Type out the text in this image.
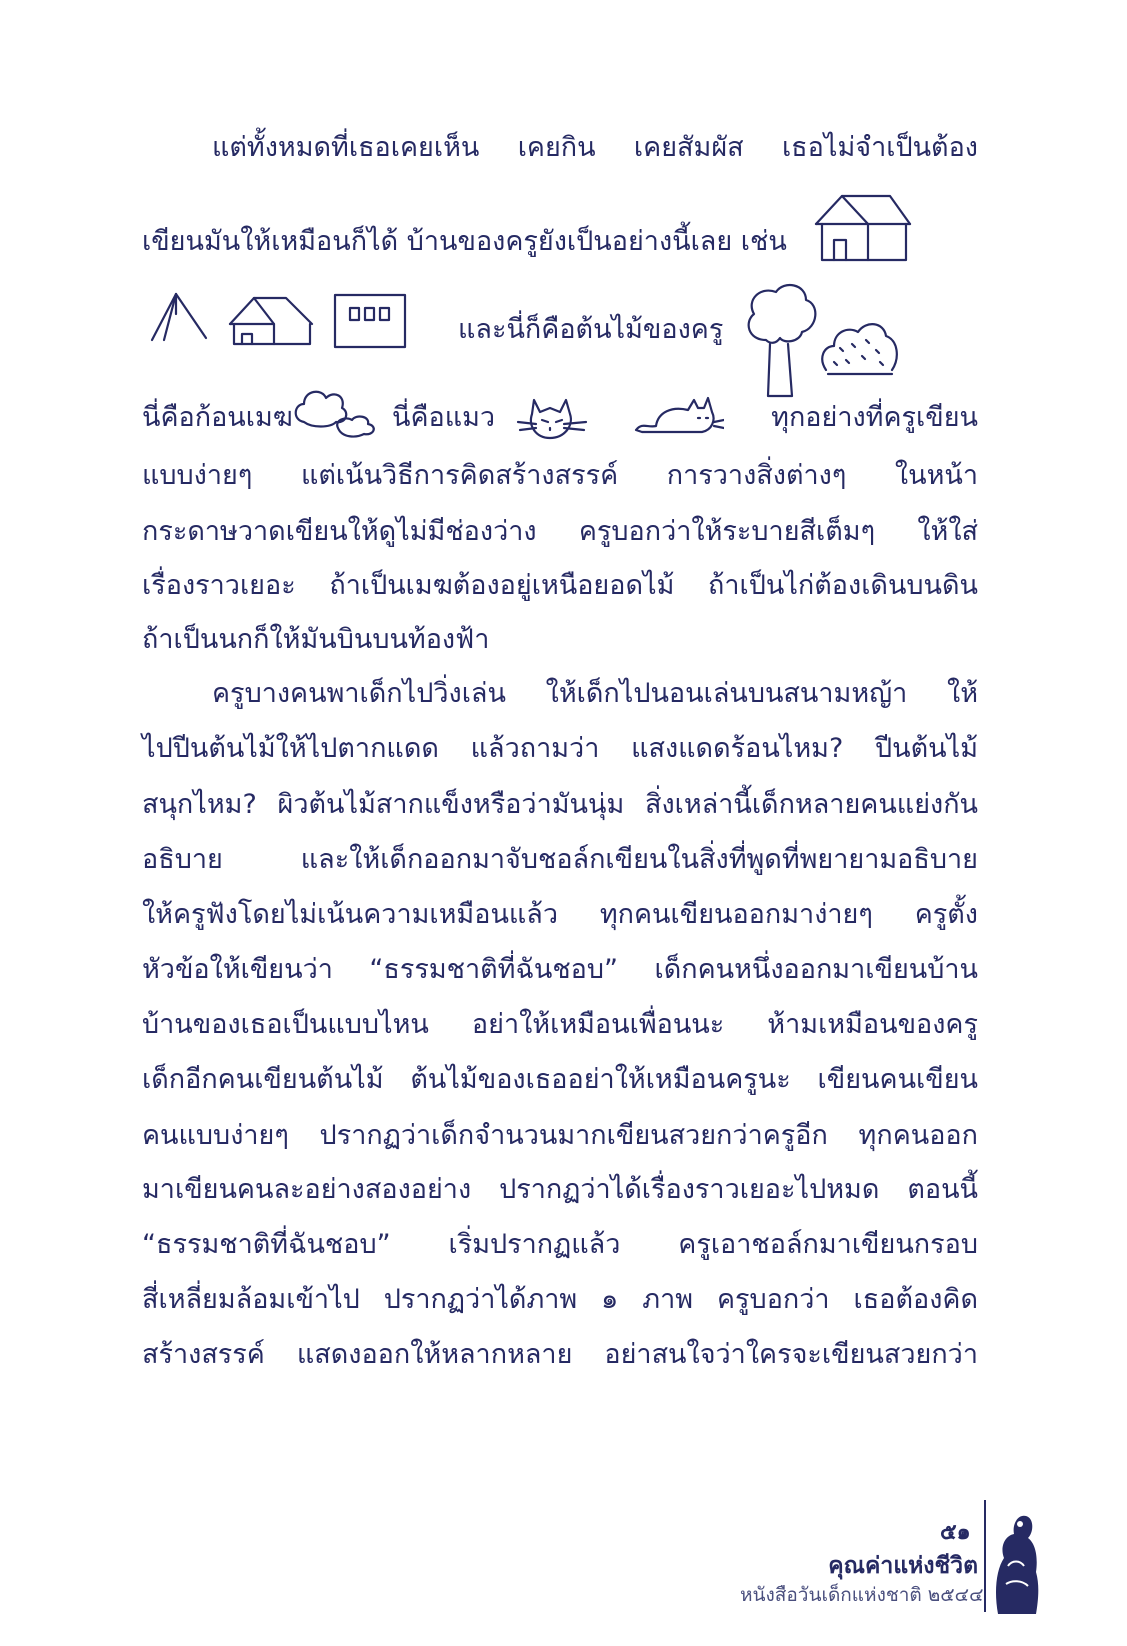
แต่ทั้งหมดที่เธอเคยเห็น เคยกิน เคยสัมผัส เธอไม่จำเป็นต้อง
เขียนมันให้เหมือนก็ได้ บ้านของครูยังเป็นอย่างนี้เลย เช่น
และนี่ก็คือต้นไม้ของครู
นี่คือก้อนเมฆ	นี่คือแมว	ทุกอย่างที่ครูเขียน
แบบง่ายๆ แต่เน้นวิธีการคิดสร้างสรรค์ การวางสิ่งต่างๆ ในหน้า
กระดาษวาดเขียนให้ดูไม่มีช่องว่าง ครูบอกว่าให้ระบายสีเต็มๆ ให้ใส่
เรื่องราวเยอะ ถ้าเป็นเมฆต้องอยู่เหนือยอดไม้ ถ้าเป็นไก่ต้องเดินบนดิน
ถ้าเป็นนกก็ให้มันบินบนท้องฟ้า
ครูบางคนพาเด็กไปวิ่งเล่น ให้เด็กไปนอนเล่นบนสนามหญ้า ให้
ไปปีนต้นไม้ให้ไปตากแดด แล้วถามว่า แสงแดดร้อนไหม? ปีนต้นไม้
สนุกไหม? ผิวต้นไม้สากแข็งหรือว่ามันนุ่ม สิ่งเหล่านี้เด็กหลายคนแย่งกัน
อธิบาย และให้เด็กออกมาจับชอล์กเขียนในสิ่งที่พูดที่พยายามอธิบาย
ให้ครูฟังโดยไม่เน้นความเหมือนแล้ว ทุกคนเขียนออกมาง่ายๆ ครูตั้ง
หัวข้อให้เขียนว่า “ธรรมชาติที่ฉันชอบ” เด็กคนหนึ่งออกมาเขียนบ้าน
บ้านของเธอเป็นแบบไหน อย่าให้เหมือนเพื่อนนะ ห้ามเหมือนของครู
เด็กอีกคนเขียนต้นไม้ ต้นไม้ของเธออย่าให้เหมือนครูนะ เขียนคนเขียน
คนแบบง่ายๆ ปรากฏว่าเด็กจำนวนมากเขียนสวยกว่าครูอีก ทุกคนออก
มาเขียนคนละอย่างสองอย่าง ปรากฏว่าได้เรื่องราวเยอะไปหมด ตอนนี้
“ธรรมชาติที่ฉันชอบ” เริ่มปรากฏแล้ว ครูเอาชอล์กมาเขียนกรอบ
สี่เหลี่ยมล้อมเข้าไป ปรากฏว่าได้ภาพ ๑ ภาพ ครูบอกว่า เธอต้องคิด
สร้างสรรค์ แสดงออกให้หลากหลาย อย่าสนใจว่าใครจะเขียนสวยกว่า
๕๑
คุณค่าแห่งชีวิต
หนังสือวันเด็กแห่งชาติ ๒๕๔๔
